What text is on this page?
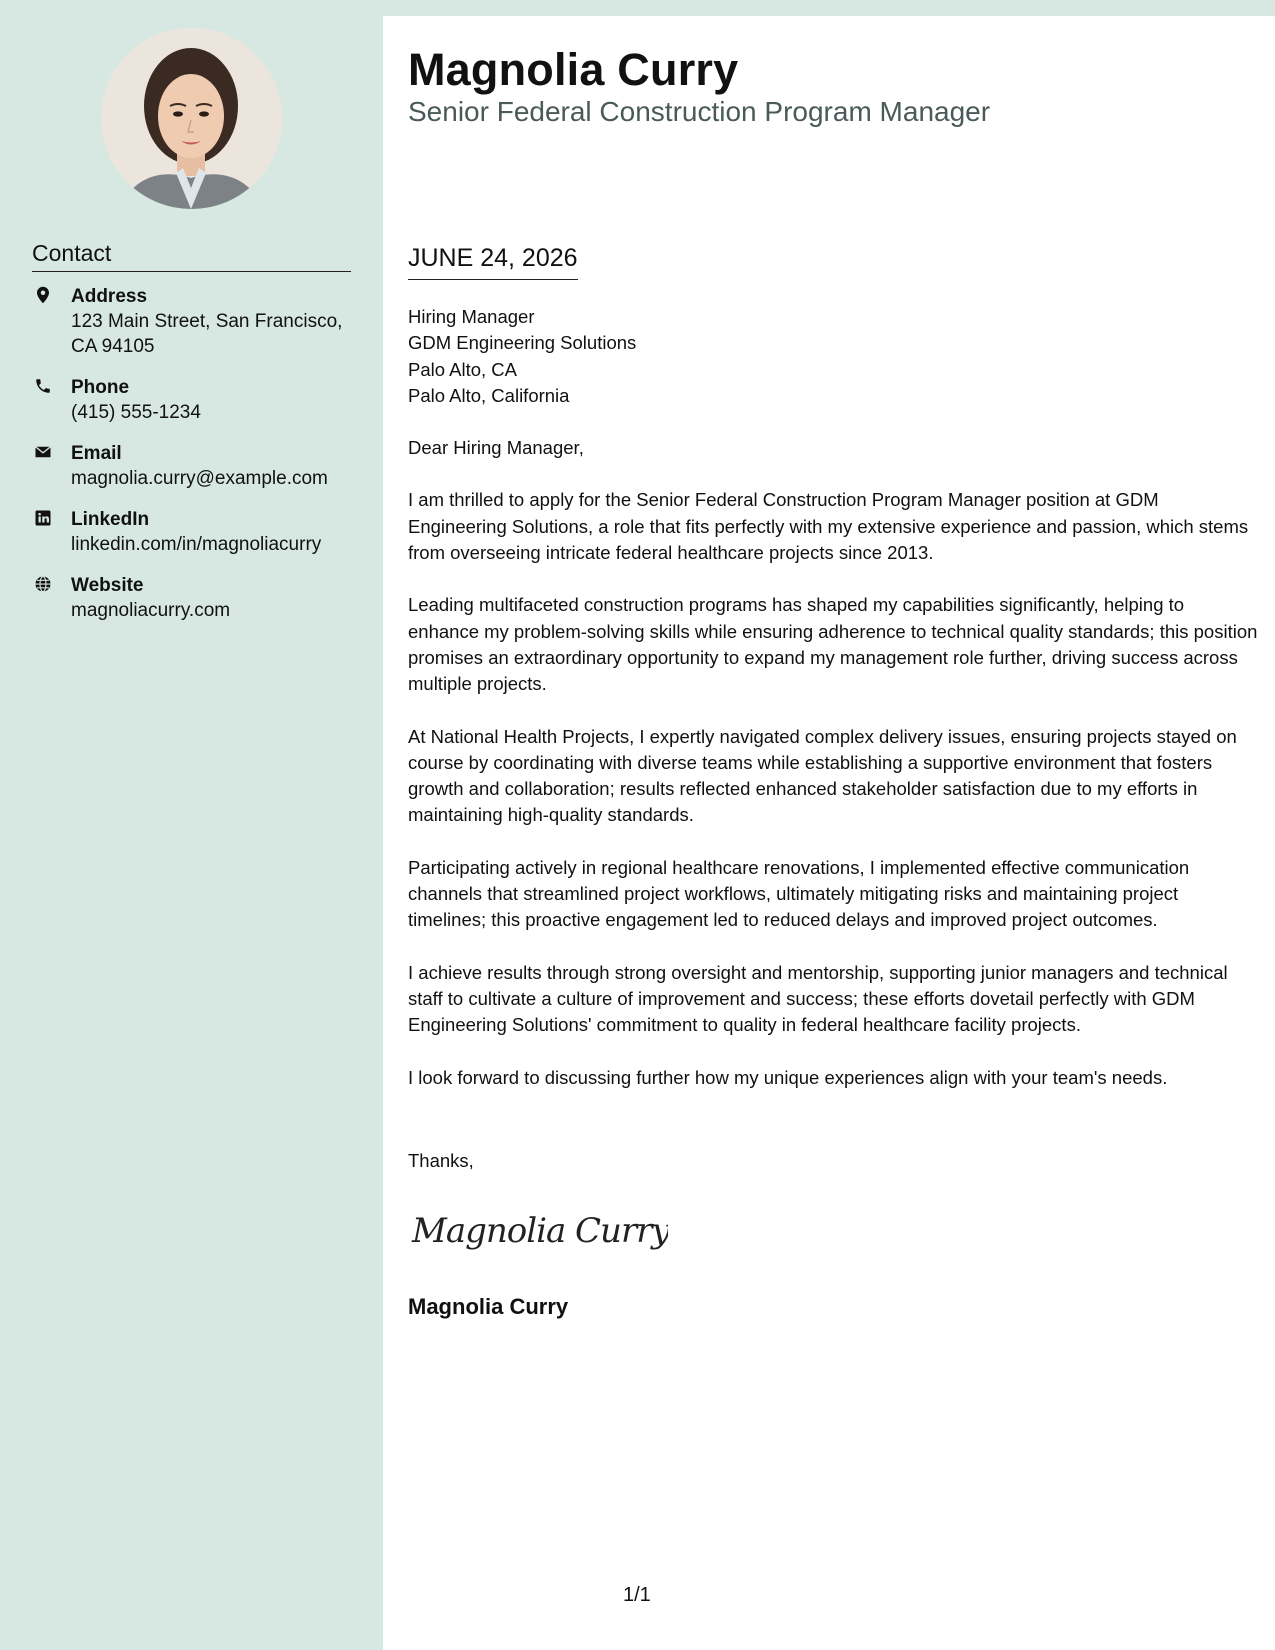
Contact
Address
123 Main Street, San Francisco, CA 94105
Phone
(415) 555-1234
Email
magnolia.curry@example.com
LinkedIn
linkedin.com/in/magnoliacurry
Website
magnoliacurry.com
Magnolia Curry
Senior Federal Construction Program Manager
JUNE 24, 2026
Hiring Manager
GDM Engineering Solutions
Palo Alto, CA
Palo Alto, California

Dear Hiring Manager,

I am thrilled to apply for the Senior Federal Construction Program Manager position at GDM Engineering Solutions, a role that fits perfectly with my extensive experience and passion, which stems from overseeing intricate federal healthcare projects since 2013.

Leading multifaceted construction programs has shaped my capabilities significantly, helping to enhance my problem-solving skills while ensuring adherence to technical quality standards; this position promises an extraordinary opportunity to expand my management role further, driving success across multiple projects.

At National Health Projects, I expertly navigated complex delivery issues, ensuring projects stayed on course by coordinating with diverse teams while establishing a supportive environment that fosters growth and collaboration; results reflected enhanced stakeholder satisfaction due to my efforts in maintaining high-quality standards.

Participating actively in regional healthcare renovations, I implemented effective communication channels that streamlined project workflows, ultimately mitigating risks and maintaining project timelines; this proactive engagement led to reduced delays and improved project outcomes.

I achieve results through strong oversight and mentorship, supporting junior managers and technical staff to cultivate a culture of improvement and success; these efforts dovetail perfectly with GDM Engineering Solutions' commitment to quality in federal healthcare facility projects.

I look forward to discussing further how my unique experiences align with your team's needs.

Thanks,
Magnolia Curry
Magnolia Curry
1/1
